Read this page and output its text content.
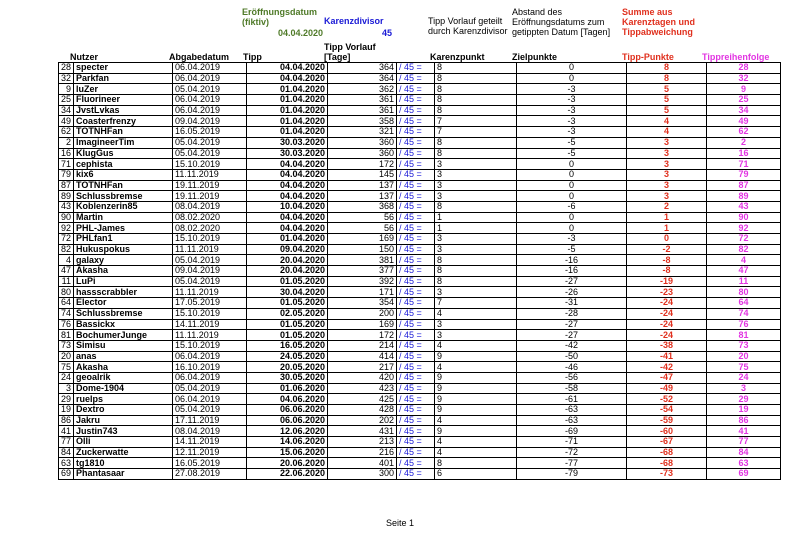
Eröffnungsdatum (fiktiv)
04.04.2020
Karenzdivisor
45
Tipp Vorlauf geteilt durch Karenzdivisor
Abstand des Eröffnungsdatums zum getippten Datum [Tagen]
Summe aus Karenztagen und Tippabweichung
Nutzer	Abgabedatum Tipp
Tipp Vorlauf [Tage]	Karenzpunkt	Zielpunkte	Tipp-Punkte	Tippreihenfolge
28	specter	06.04.2019	04.04.2020	364	/ 45 =	8	0	8	28
32	Parkfan	06.04.2019	04.04.2020	364	/ 45 =	8	0	8	32
9	luZer	05.04.2019	01.04.2020	362	/ 45 =	8	-3	5	9
25	Fluorineer	06.04.2019	01.04.2020	361	/ 45 =	8	-3	5	25
34	JvstLvkas	06.04.2019	01.04.2020	361	/ 45 =	8	-3	5	34
49	Coasterfrenzy	09.04.2019	01.04.2020	358	/ 45 =	7	-3	4	49
62	TOTNHFan	16.05.2019	01.04.2020	321	/ 45 =	7	-3	4	62
2	ImagineerTim	05.04.2019	30.03.2020	360	/ 45 =	8	-5	3	2
16	KlugGus	05.04.2019	30.03.2020	360	/ 45 =	8	-5	3	16
71	cephista	15.10.2019	04.04.2020	172	/ 45 =	3	0	3	71
79	kix6	11.11.2019	04.04.2020	145	/ 45 =	3	0	3	79
87	TOTNHFan	19.11.2019	04.04.2020	137	/ 45 =	3	0	3	87
89	Schlussbremse	19.11.2019	04.04.2020	137	/ 45 =	3	0	3	89
43	Koblenzerin85	08.04.2019	10.04.2020	368	/ 45 =	8	-6	2	43
90	Martin	08.02.2020	04.04.2020	56	/ 45 =	1	0	1	90
92	PHL-James	08.02.2020	04.04.2020	56	/ 45 =	1	0	1	92
72	PHLfan1	15.10.2019	01.04.2020	169	/ 45 =	3	-3	0	72
82	Hukuspokus	11.11.2019	09.04.2020	150	/ 45 =	3	-5	-2	82
4	galaxy	05.04.2019	20.04.2020	381	/ 45 =	8	-16	-8	4
47	Akasha	09.04.2019	20.04.2020	377	/ 45 =	8	-16	-8	47
11	LuPi	05.04.2019	01.05.2020	392	/ 45 =	8	-27	-19	11
80	hassscrabbler	11.11.2019	30.04.2020	171	/ 45 =	3	-26	-23	80
64	Elector	17.05.2019	01.05.2020	354	/ 45 =	7	-31	-24	64
74	Schlussbremse	15.10.2019	02.05.2020	200	/ 45 =	4	-28	-24	74
76	Bassickx	14.11.2019	01.05.2020	169	/ 45 =	3	-27	-24	76
81	BochumerJunge	11.11.2019	01.05.2020	172	/ 45 =	3	-27	-24	81
73	Simisu	15.10.2019	16.05.2020	214	/ 45 =	4	-42	-38	73
20	anas	06.04.2019	24.05.2020	414	/ 45 =	9	-50	-41	20
75	Akasha	16.10.2019	20.05.2020	217	/ 45 =	4	-46	-42	75
24	geoalrik	06.04.2019	30.05.2020	420	/ 45 =	9	-56	-47	24
3	Dome-1904	05.04.2019	01.06.2020	423	/ 45 =	9	-58	-49	3
29	ruelps	06.04.2019	04.06.2020	425	/ 45 =	9	-61	-52	29
19	Dextro	05.04.2019	06.06.2020	428	/ 45 =	9	-63	-54	19
86	Jakru	17.11.2019	06.06.2020	202	/ 45 =	4	-63	-59	86
41	Justin743	08.04.2019	12.06.2020	431	/ 45 =	9	-69	-60	41
77	Olli	14.11.2019	14.06.2020	213	/ 45 =	4	-71	-67	77
84	Zuckerwatte	12.11.2019	15.06.2020	216	/ 45 =	4	-72	-68	84
63	tg1810	16.05.2019	20.06.2020	401	/ 45 =	8	-77	-68	63
69	Phantasaar	27.08.2019	22.06.2020	300	/ 45 =	6	-79	-73	69
Seite 1
